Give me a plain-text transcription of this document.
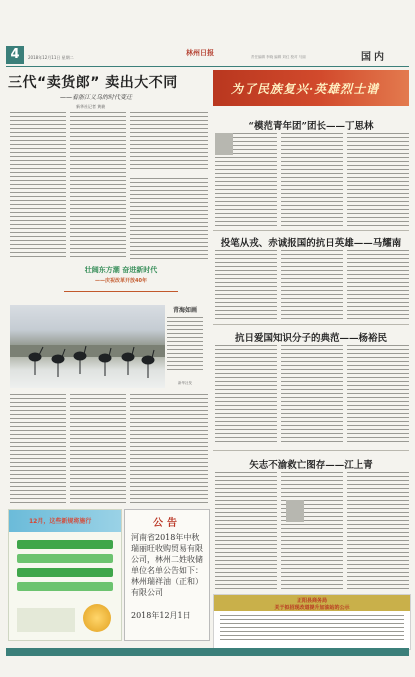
4	2018年12月11日 星期二
林州日报	责任编辑 李晓 编辑 刘红 校对 马丽	国内
三代“卖货郎” 卖出大不同
——看浙江义乌的时代变迁
新华社记者 黄筱
壮阔东方潮 奋进新时代
——庆祝改革开放40年
青海如画
新华社发
为了民族复兴·英雄烈士谱
“模范青年团”团长——丁思林
投笔从戎、赤诚报国的抗日英雄——马耀南
抗日爱国知识分子的典范——杨裕民
矢志不渝救亡图存——江上青
12月，这些新规将施行	公告
河南省2018年中秋瑞丽旺收购贸易有限公司，林州二姓收储单位名单公告如下： 林州瑞祥油（正和）有限公司
2018年12月1日
正阳县商务局
关于拟招现改道提升加油站的公示
